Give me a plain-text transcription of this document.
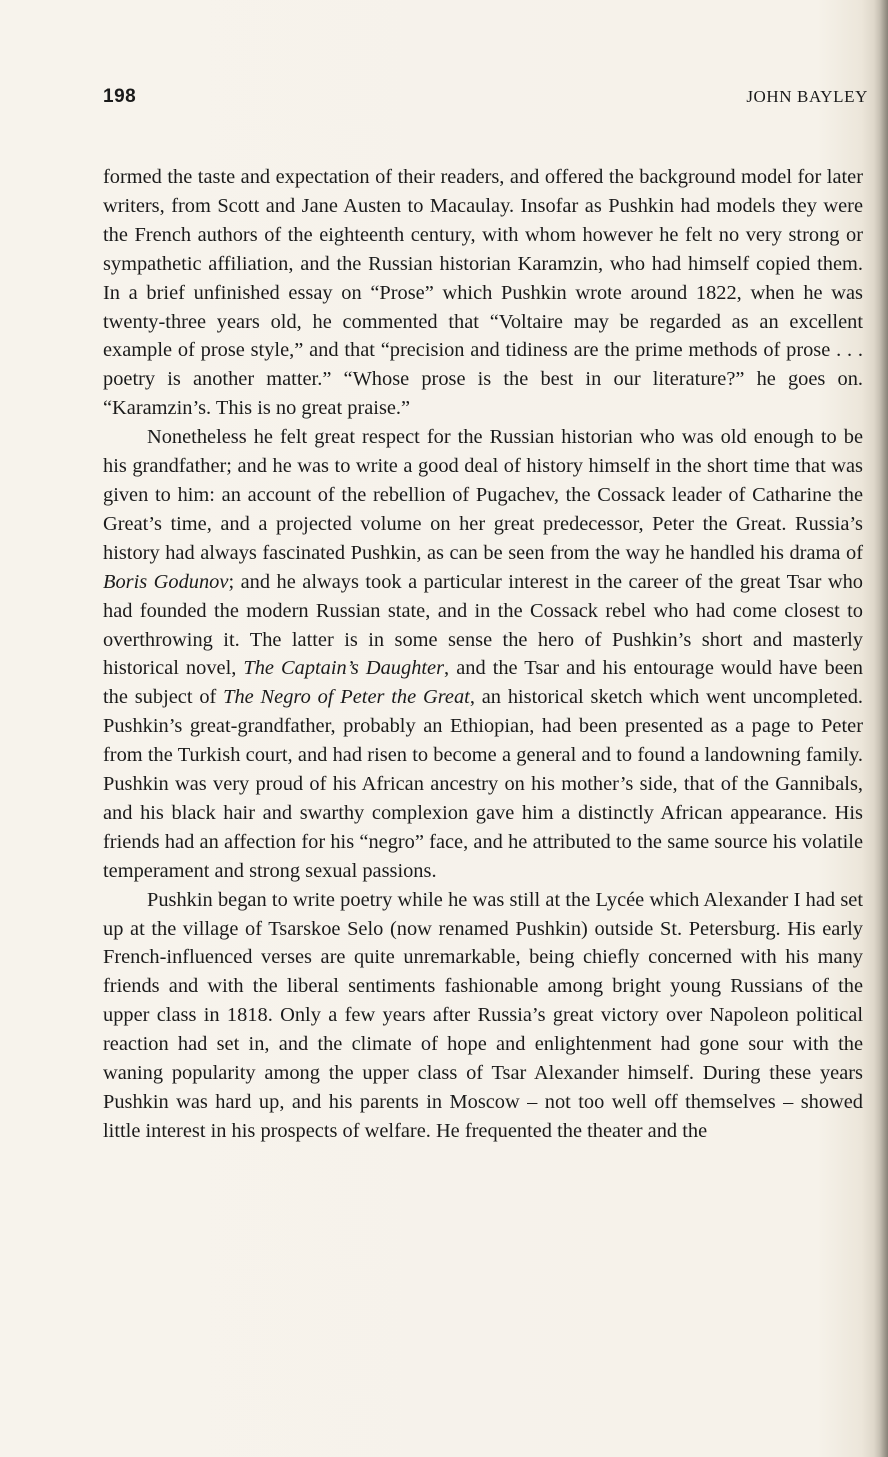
198	JOHN BAYLEY

formed the taste and expectation of their readers, and offered the background model for later writers, from Scott and Jane Austen to Macaulay. Insofar as Pushkin had models they were the French authors of the eighteenth century, with whom however he felt no very strong or sympathetic affiliation, and the Russian historian Karamzin, who had himself copied them. In a brief unfinished essay on “Prose” which Pushkin wrote around 1822, when he was twenty-three years old, he commented that “Voltaire may be regarded as an excellent example of prose style,” and that “precision and tidiness are the prime methods of prose . . . poetry is another matter.” “Whose prose is the best in our literature?” he goes on. “Karamzin’s. This is no great praise.”

Nonetheless he felt great respect for the Russian historian who was old enough to be his grandfather; and he was to write a good deal of history himself in the short time that was given to him: an account of the rebellion of Pugachev, the Cossack leader of Catharine the Great’s time, and a projected volume on her great predecessor, Peter the Great. Russia’s history had always fascinated Pushkin, as can be seen from the way he handled his drama of Boris Godunov; and he always took a particular interest in the career of the great Tsar who had founded the modern Russian state, and in the Cossack rebel who had come closest to overthrowing it. The latter is in some sense the hero of Pushkin’s short and masterly historical novel, The Captain’s Daughter, and the Tsar and his entourage would have been the subject of The Negro of Peter the Great, an historical sketch which went uncompleted. Pushkin’s great-grandfather, probably an Ethiopian, had been presented as a page to Peter from the Turkish court, and had risen to become a general and to found a landowning family. Pushkin was very proud of his African ancestry on his mother’s side, that of the Gannibals, and his black hair and swarthy complexion gave him a distinctly African appearance. His friends had an affection for his “negro” face, and he attributed to the same source his volatile temperament and strong sexual passions.

Pushkin began to write poetry while he was still at the Lycée which Alexander I had set up at the village of Tsarskoe Selo (now renamed Pushkin) outside St. Petersburg. His early French-influenced verses are quite unremarkable, being chiefly concerned with his many friends and with the liberal sentiments fashionable among bright young Russians of the upper class in 1818. Only a few years after Russia’s great victory over Napoleon political reaction had set in, and the climate of hope and enlightenment had gone sour with the waning popularity among the upper class of Tsar Alexander himself. During these years Pushkin was hard up, and his parents in Moscow – not too well off themselves – showed little interest in his prospects of welfare. He frequented the theater and the
